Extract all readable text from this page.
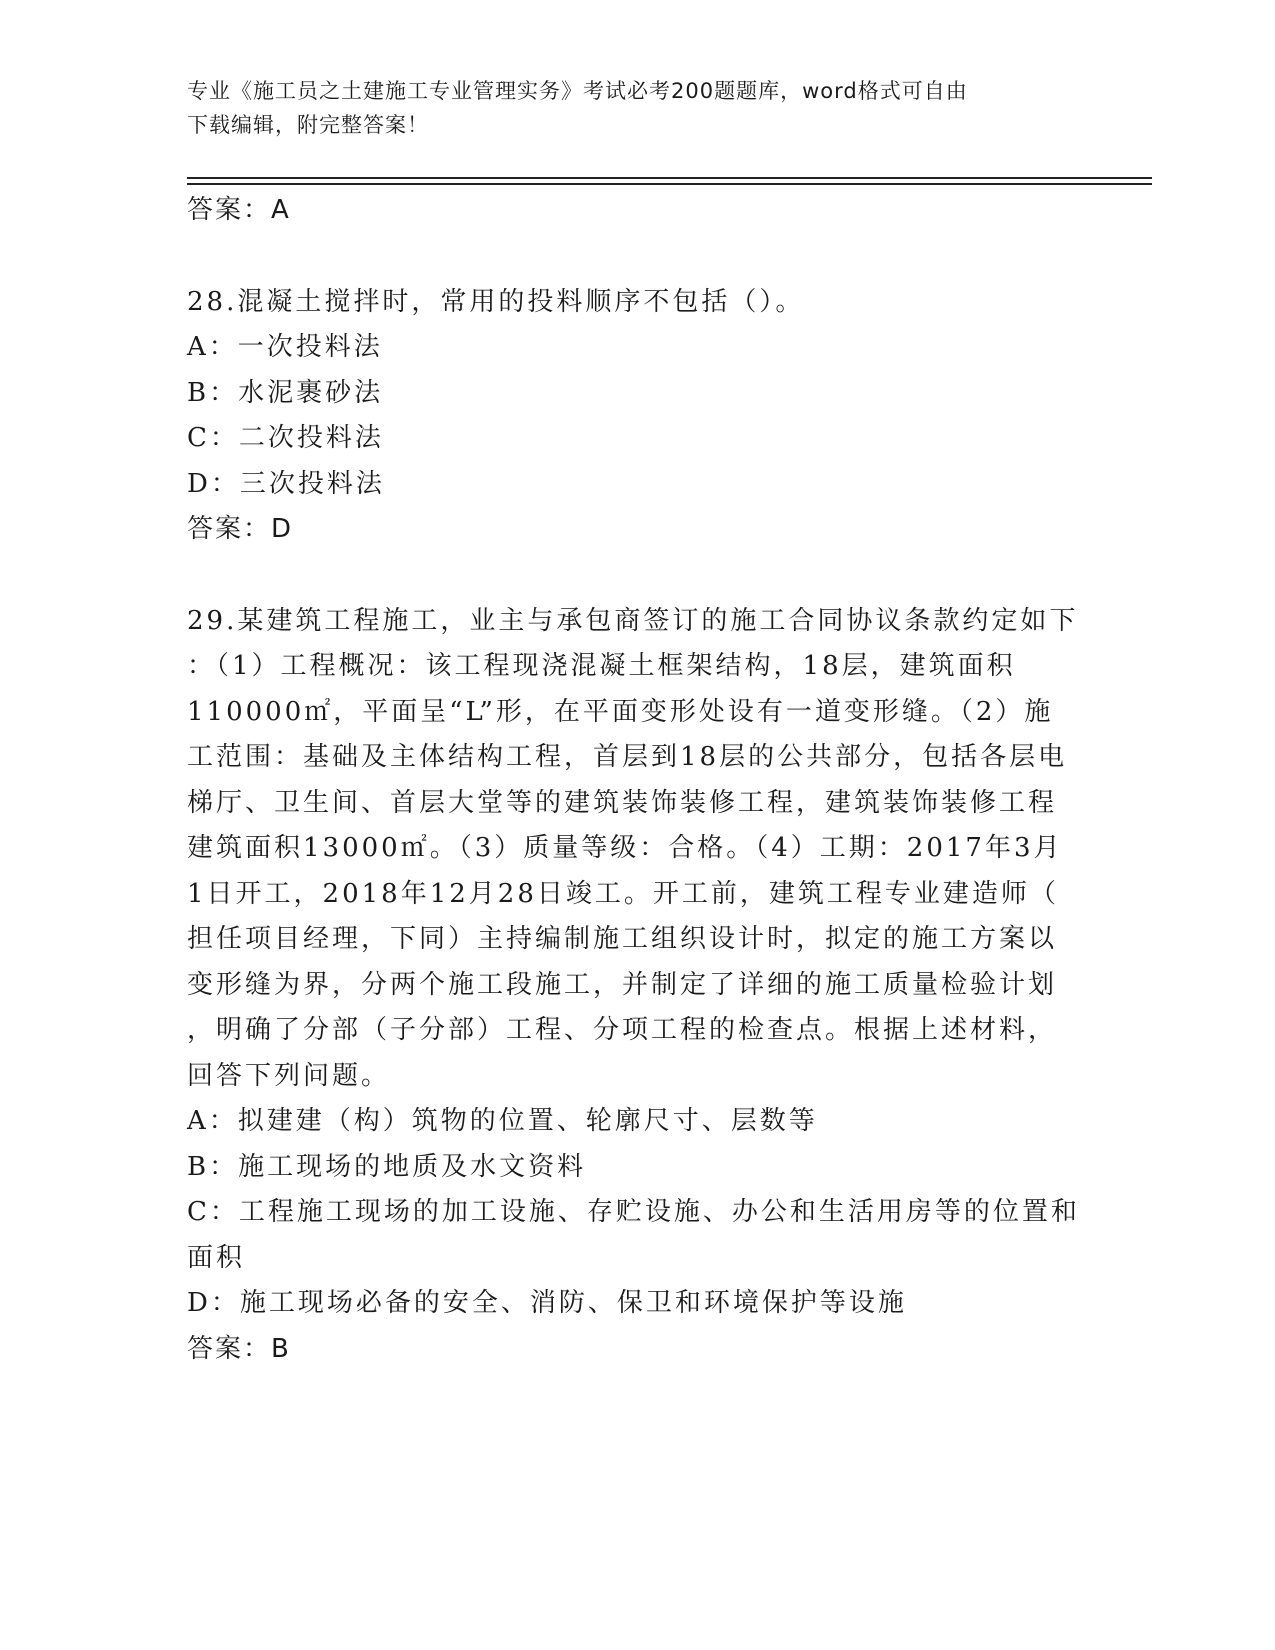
专业《施工员之土建施工专业管理实务》考试必考200题题库，word格式可自由
下载编辑，附完整答案！
答案：A
28.混凝土搅拌时，常用的投料顺序不包括（）。
A：一次投料法
B：水泥裹砂法
C：二次投料法
D：三次投料法
答案：D
29.某建筑工程施工，业主与承包商签订的施工合同协议条款约定如下
：（1）工程概况：该工程现浇混凝土框架结构，18层，建筑面积
110000㎡，平面呈“L”形，在平面变形处设有一道变形缝。（2）施
工范围：基础及主体结构工程，首层到18层的公共部分，包括各层电
梯厅、卫生间、首层大堂等的建筑装饰装修工程，建筑装饰装修工程
建筑面积13000㎡。（3）质量等级：合格。（4）工期：2017年3月
1日开工，2018年12月28日竣工。开工前，建筑工程专业建造师（
担任项目经理，下同）主持编制施工组织设计时，拟定的施工方案以
变形缝为界，分两个施工段施工，并制定了详细的施工质量检验计划
，明确了分部（子分部）工程、分项工程的检查点。根据上述材料，
回答下列问题。
A：拟建建（构）筑物的位置、轮廓尺寸、层数等
B：施工现场的地质及水文资料
C：工程施工现场的加工设施、存贮设施、办公和生活用房等的位置和
面积
D：施工现场必备的安全、消防、保卫和环境保护等设施
答案：B
